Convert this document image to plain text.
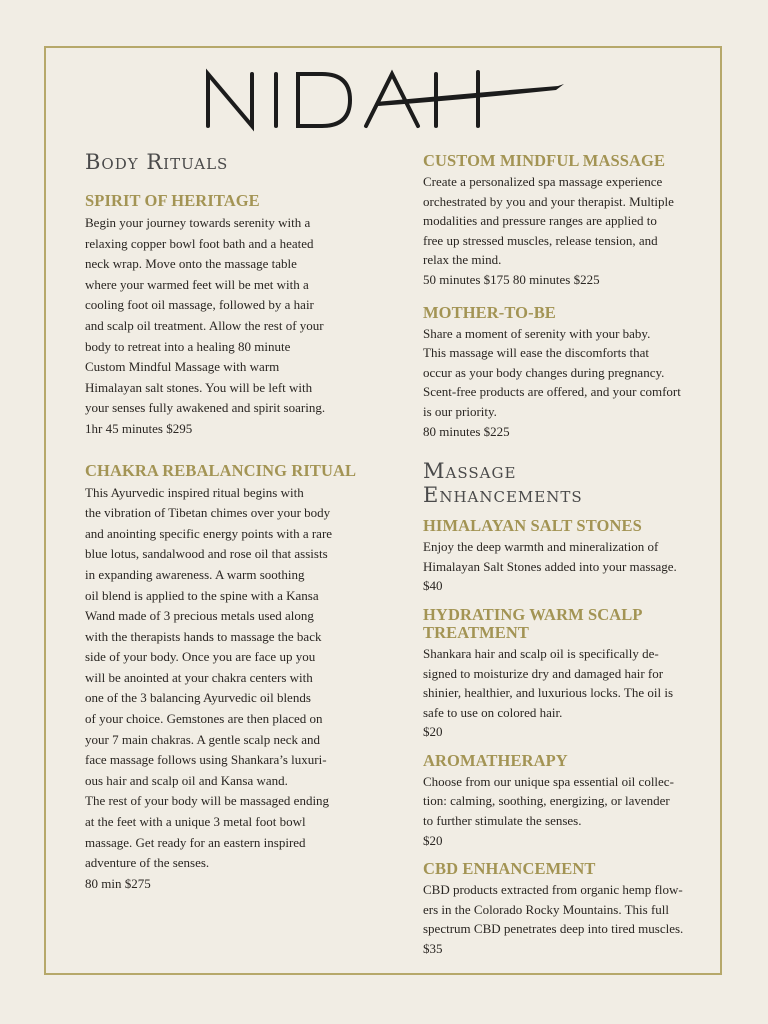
Body Rituals
SPIRIT OF HERITAGE

Begin your journey towards serenity with a
relaxing copper bowl foot bath and a heated
neck wrap. Move onto the massage table
where your warmed feet will be met with a
cooling foot oil massage, followed by a hair
and scalp oil treatment. Allow the rest of your
body to retreat into a healing 80 minute
Custom Mindful Massage with warm
Himalayan salt stones. You will be left with
your senses fully awakened and spirit soaring.

1hr 45 minutes $295

CHAKRA REBALANCING RITUAL

This Ayurvedic inspired ritual begins with
the vibration of Tibetan chimes over your body
and anointing specific energy points with a rare
blue lotus, sandalwood and rose oil that assists
in expanding awareness. A warm soothing
oil blend is applied to the spine with a Kansa
Wand made of 3 precious metals used along
with the therapists hands to massage the back
side of your body. Once you are face up you
will be anointed at your chakra centers with
one of the 3 balancing Ayurvedic oil blends
of your choice. Gemstones are then placed on
your 7 main chakras. A gentle scalp neck and
face massage follows using Shankara’s luxuri-
ous hair and scalp oil and Kansa wand.
The rest of your body will be massaged ending
at the feet with a unique 3 metal foot bowl
massage. Get ready for an eastern inspired
adventure of the senses.

80 min $275

CUSTOM MINDFUL MASSAGE

Create a personalized spa massage experience
orchestrated by you and your therapist. Multiple
modalities and pressure ranges are applied to
free up stressed muscles, release tension, and
relax the mind.

50 minutes $175 80 minutes $225

MOTHER-TO-BE

Share a moment of serenity with your baby.
This massage will ease the discomforts that
occur as your body changes during pregnancy.
Scent-free products are offered, and your comfort
is our priority.

80 minutes $225

Massage
Enhancements
HIMALAYAN SALT STONES

Enjoy the deep warmth and mineralization of
Himalayan Salt Stones added into your massage.

$40

HYDRATING WARM SCALP
TREATMENT

Shankara hair and scalp oil is specifically de-
signed to moisturize dry and damaged hair for
shinier, healthier, and luxurious locks. The oil is
safe to use on colored hair.

$20

AROMATHERAPY

Choose from our unique spa essential oil collec-
tion: calming, soothing, energizing, or lavender
to further stimulate the senses.

$20

CBD ENHANCEMENT

CBD products extracted from organic hemp flow-
ers in the Colorado Rocky Mountains. This full
spectrum CBD penetrates deep into tired muscles.

$35
